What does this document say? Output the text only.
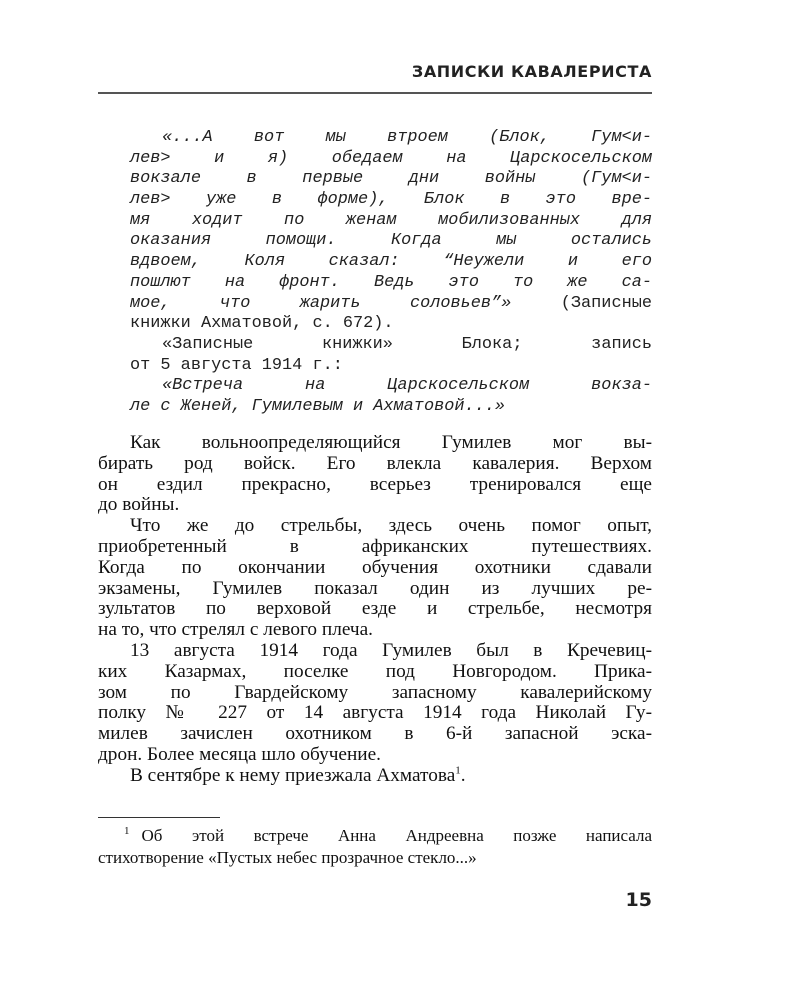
ЗАПИСКИ КАВАЛЕРИСТА
«...А вот мы втроем (Блок, Гум<и-
лев> и я) обедаем на Царскосельском
вокзале в первые дни войны (Гум<и-
лев> уже в форме), Блок в это вре-
мя ходит по женам мобилизованных для
оказания помощи. Когда мы остались
вдвоем, Коля сказал: “Неужели и его
пошлют на фронт. Ведь это то же са-
мое, что жарить соловьев”» (Записные
книжки Ахматовой, с. 672).
«Записные книжки» Блока; запись
от 5 августа 1914 г.:
«Встреча на Царскосельском вокза-
ле с Женей, Гумилевым и Ахматовой...»
Как вольноопределяющийся Гумилев мог вы-
бирать род войск. Его влекла кавалерия. Верхом
он ездил прекрасно, всерьез тренировался еще
до войны.
Что же до стрельбы, здесь очень помог опыт,
приобретенный в африканских путешествиях.
Когда по окончании обучения охотники сдавали
экзамены, Гумилев показал один из лучших ре-
зультатов по верховой езде и стрельбе, несмотря
на то, что стрелял с левого плеча.
13 августа 1914 года Гумилев был в Кречевиц-
ких Казармах, поселке под Новгородом. Прика-
зом по Гвардейскому запасному кавалерийскому
полку № 227 от 14 августа 1914 года Николай Гу-
милев зачислен охотником в 6-й запасной эска-
дрон. Более месяца шло обучение.
В сентябре к нему приезжала Ахматова$^1$.
$^1$ Об этой встрече Анна Андреевна позже написала
стихотворение «Пустых небес прозрачное стекло...»
15
